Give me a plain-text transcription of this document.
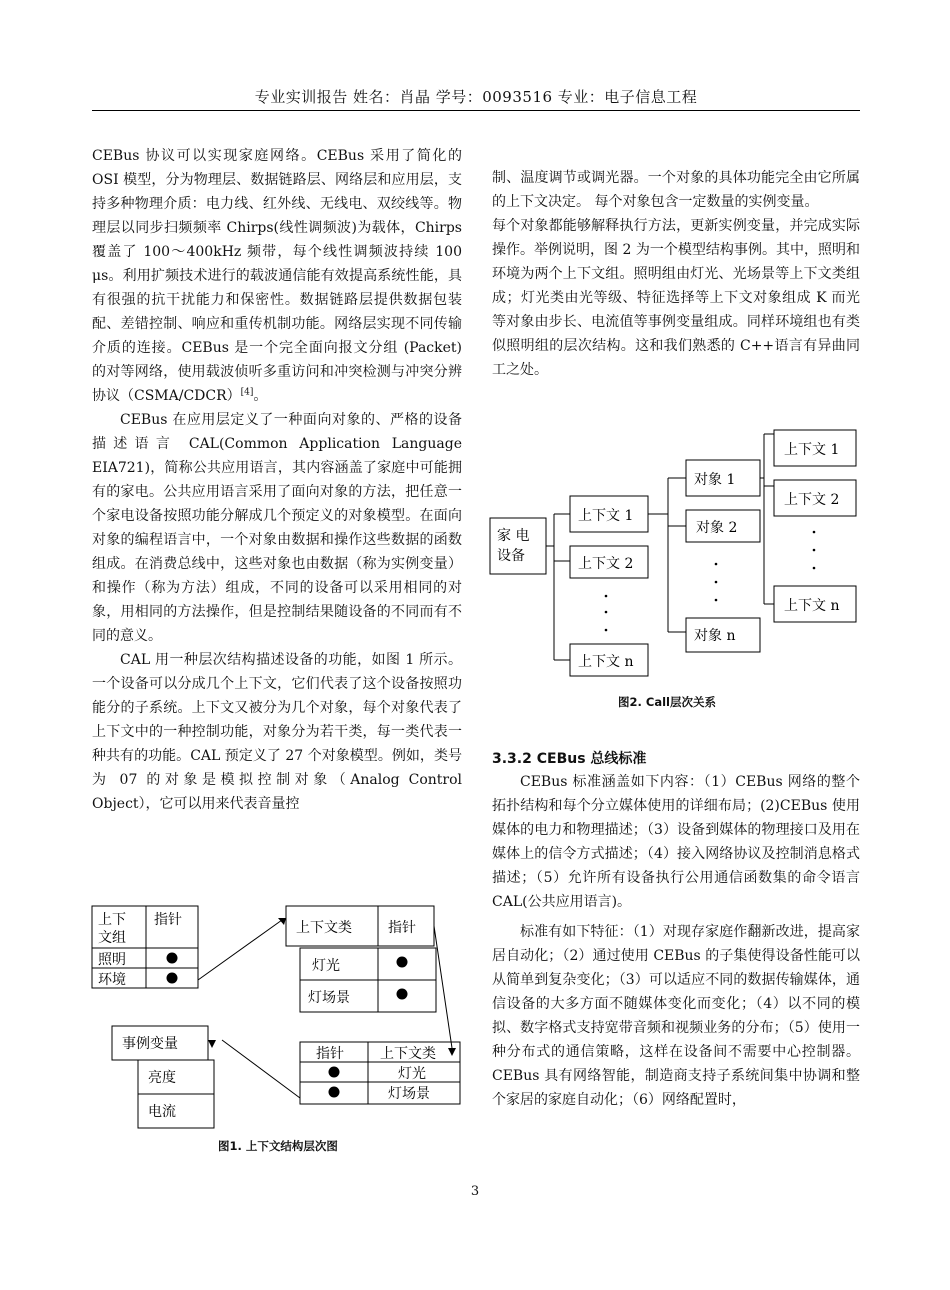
专业实训报告 姓名：肖晶 学号：0093516 专业：电子信息工程

CEBus 协议可以实现家庭网络。CEBus 采用了简化的 OSI 模型，分为物理层、数据链路层、网络层和应用层，支持多种物理介质：电力线、红外线、无线电、双绞线等。物理层以同步扫频频率 Chirps(线性调频波)为载体，Chirps 覆盖了 100～400kHz 频带，每个线性调频波持续 100 μs。利用扩频技术进行的载波通信能有效提高系统性能，具有很强的抗干扰能力和保密性。数据链路层提供数据包装配、差错控制、响应和重传机制功能。网络层实现不同传输介质的连接。CEBus 是一个完全面向报文分组 (Packet) 的对等网络，使用载波侦听多重访问和冲突检测与冲突分辨协议（CSMA/CDCR）[4]。

CEBus 在应用层定义了一种面向对象的、严格的设备描述语言 CAL(Common Application Language EIA721)，简称公共应用语言，其内容涵盖了家庭中可能拥有的家电。公共应用语言采用了面向对象的方法，把任意一个家电设备按照功能分解成几个预定义的对象模型。在面向对象的编程语言中，一个对象由数据和操作这些数据的函数组成。在消费总线中，这些对象也由数据（称为实例变量）和操作（称为方法）组成，不同的设备可以采用相同的对象，用相同的方法操作，但是控制结果随设备的不同而有不同的意义。

CAL 用一种层次结构描述设备的功能，如图 1 所示。一个设备可以分成几个上下文，它们代表了这个设备按照功能分的子系统。上下文又被分为几个对象，每个对象代表了上下文中的一种控制功能，对象分为若干类，每一类代表一种共有的功能。CAL 预定义了 27 个对象模型。例如，类号为 07 的对象是模拟控制对象（Analog Control Object），它可以用来代表音量控

制、温度调节或调光器。一个对象的具体功能完全由它所属的上下文决定。 每个对象包含一定数量的实例变量。

每个对象都能够解释执行方法，更新实例变量，并完成实际操作。举例说明，图 2 为一个模型结构事例。其中，照明和环境为两个上下文组。照明组由灯光、光场景等上下文类组成；灯光类由光等级、特征选择等上下文对象组成 K 而光等对象由步长、电流值等事例变量组成。同样环境组也有类似照明组的层次结构。这和我们熟悉的 C++语言有异曲同工之处。

家 电
设备
上下文 1
上下文 2
上下文 n
对象 1
对象 2
对象 n
上下文 1
上下文 2
上下文 n
图2. Call层次关系
3.3.2 CEBus 总线标准

CEBus 标准涵盖如下内容：（1）CEBus 网络的整个拓扑结构和每个分立媒体使用的详细布局；(2)CEBus 使用媒体的电力和物理描述；（3）设备到媒体的物理接口及用在媒体上的信令方式描述；（4）接入网络协议及控制消息格式描述；（5）允许所有设备执行公用通信函数集的命令语言 CAL(公共应用语言)。

标准有如下特征：（1）对现存家庭作翻新改进，提高家居自动化；（2）通过使用 CEBus 的子集使得设备性能可以从简单到复杂变化；（3）可以适应不同的数据传输媒体，通信设备的大多方面不随媒体变化而变化；（4）以不同的模拟、数字格式支持宽带音频和视频业务的分布；（5）使用一种分布式的通信策略，这样在设备间不需要中心控制器。CEBus 具有网络智能，制造商支持子系统间集中协调和整个家居的家庭自动化；（6）网络配置时，

上下
文组
指针
照明
环境
上下文类	指针
灯光
灯场景
事例变量
亮度
电流
指针	上下文类
灯光
灯场景
图1. 上下文结构层次图
3
